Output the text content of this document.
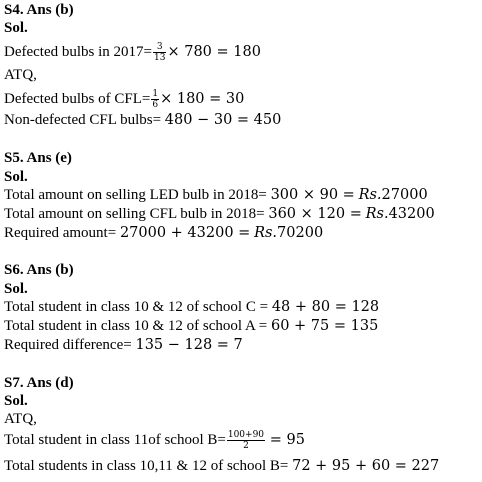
S4. Ans (b)
Sol.
Defected bulbs in $2017= \frac{3}{13} \times 780 = 180$
ATQ,
Defected bulbs of $CFL= \frac{1}{6} \times 180 = 30$
Non-defected CFL bulbs= 480 − 30 = 450
S5. Ans (e)
Sol.
Total amount on selling LED bulb in 2018= 300 × 90 = Rs.27000
Total amount on selling CFL bulb in 2018= 360 × 120 = Rs.43200
Required amount= 27000 + 43200 = Rs.70200
S6. Ans (b)
Sol.
Total student in class 10 & 12 of school C = 48 + 80 = 128
Total student in class 10 & 12 of school A = 60 + 75 = 135
Required difference= 135 − 128 = 7
S7. Ans (d)
Sol.
ATQ,
Total student in class 11of school $B= \frac{100+90}{2} = 95$
Total students in class 10,11 & 12 of school B= 72 + 95 + 60 = 227
